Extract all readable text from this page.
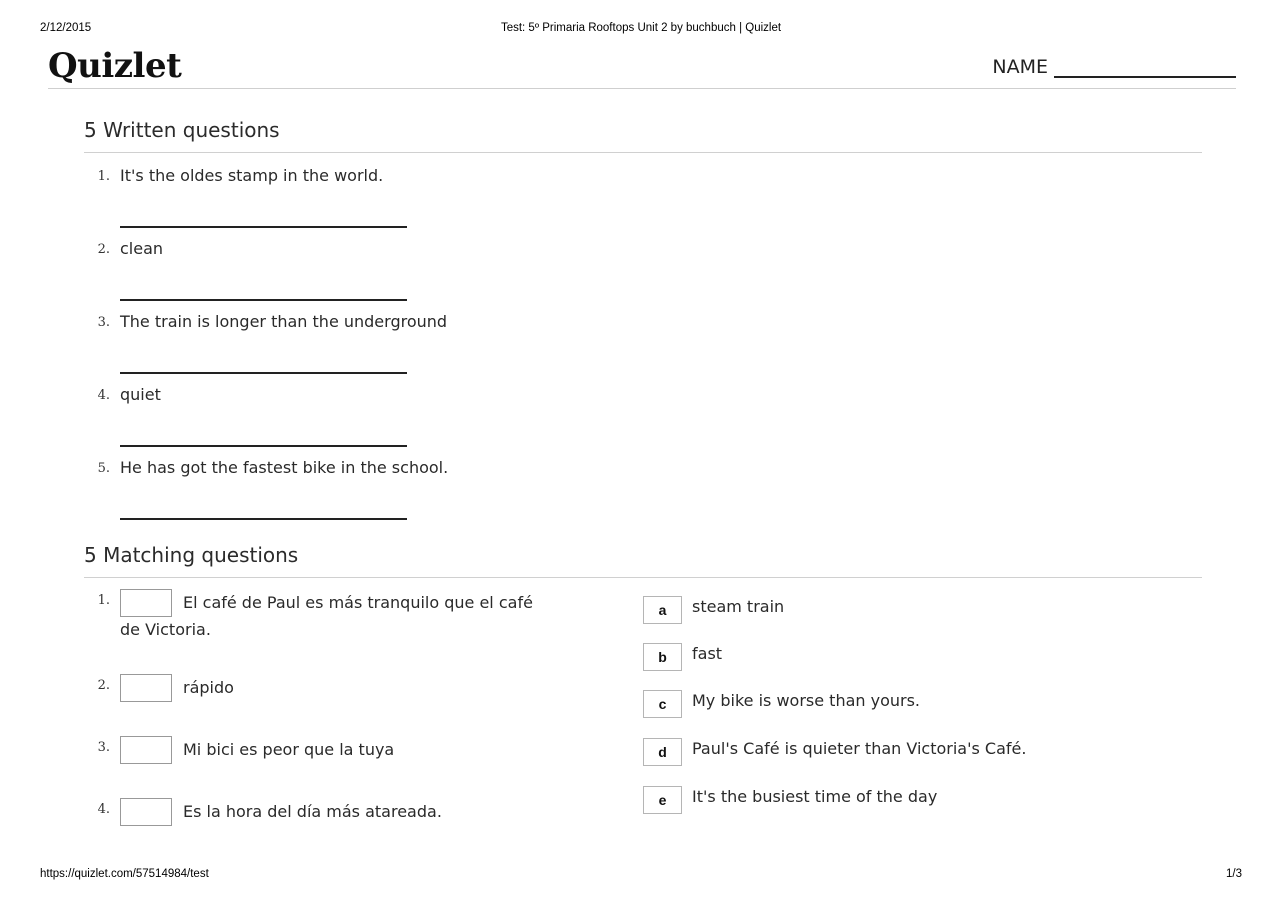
2/12/2015	Test: 5º Primaria Rooftops Unit 2 by buchbuch | Quizlet
Quizlet	NAME
5 Written questions
1. It's the oldes stamp in the world.
2. clean
3. The train is longer than the underground
4. quiet
5. He has got the fastest bike in the school.
5 Matching questions
1.	El café de Paul es más tranquilo que el café de Victoria.
2.	rápido
3.	Mi bici es peor que la tuya
4.	Es la hora del día más atareada.
a	steam train
b	fast
c	My bike is worse than yours.
d	Paul's Café is quieter than Victoria's Café.
e	It's the busiest time of the day
https://quizlet.com/57514984/test	1/3
